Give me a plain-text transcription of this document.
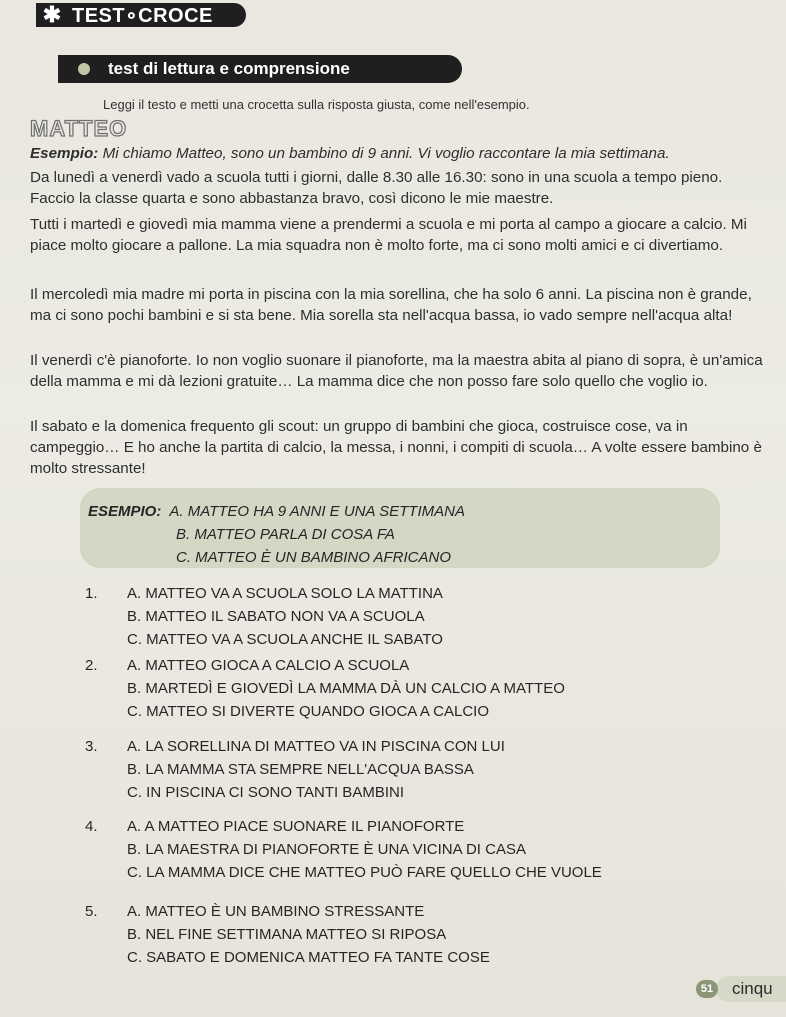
✱ TEST∘CROCE
test di lettura e comprensione
Leggi il testo e metti una crocetta sulla risposta giusta, come nell'esempio.
MATTEO
Esempio: Mi chiamo Matteo, sono un bambino di 9 anni. Vi voglio raccontare la mia settimana.
Da lunedì a venerdì vado a scuola tutti i giorni, dalle 8.30 alle 16.30: sono in una scuola a tempo pieno. Faccio la classe quarta e sono abbastanza bravo, così dicono le mie maestre.
Tutti i martedì e giovedì mia mamma viene a prendermi a scuola e mi porta al campo a giocare a calcio. Mi piace molto giocare a pallone. La mia squadra non è molto forte, ma ci sono molti amici e ci divertiamo.
Il mercoledì mia madre mi porta in piscina con la mia sorellina, che ha solo 6 anni. La piscina non è grande, ma ci sono pochi bambini e si sta bene. Mia sorella sta nell'acqua bassa, io vado sempre nell'acqua alta!
Il venerdì c'è pianoforte. Io non voglio suonare il pianoforte, ma la maestra abita al piano di sopra, è un'amica della mamma e mi dà lezioni gratuite… La mamma dice che non posso fare solo quello che voglio io.
Il sabato e la domenica frequento gli scout: un gruppo di bambini che gioca, costruisce cose, va in campeggio… E ho anche la partita di calcio, la messa, i nonni, i compiti di scuola… A volte essere bambino è molto stressante!
ESEMPIO: A. MATTEO HA 9 ANNI E UNA SETTIMANA
B. MATTEO PARLA DI COSA FA
C. MATTEO È UN BAMBINO AFRICANO
1.	A. MATTEO VA A SCUOLA SOLO LA MATTINA
B. MATTEO IL SABATO NON VA A SCUOLA
C. MATTEO VA A SCUOLA ANCHE IL SABATO
2.	A. MATTEO GIOCA A CALCIO A SCUOLA
B. MARTEDÌ E GIOVEDÌ LA MAMMA DÀ UN CALCIO A MATTEO
C. MATTEO SI DIVERTE QUANDO GIOCA A CALCIO
3.	A. LA SORELLINA DI MATTEO VA IN PISCINA CON LUI
B. LA MAMMA STA SEMPRE NELL'ACQUA BASSA
C. IN PISCINA CI SONO TANTI BAMBINI
4.	A. A MATTEO PIACE SUONARE IL PIANOFORTE
B. LA MAESTRA DI PIANOFORTE È UNA VICINA DI CASA
C. LA MAMMA DICE CHE MATTEO PUÒ FARE QUELLO CHE VUOLE
5.	A. MATTEO È UN BAMBINO STRESSANTE
B. NEL FINE SETTIMANA MATTEO SI RIPOSA
C. SABATO E DOMENICA MATTEO FA TANTE COSE
cinqu
51
